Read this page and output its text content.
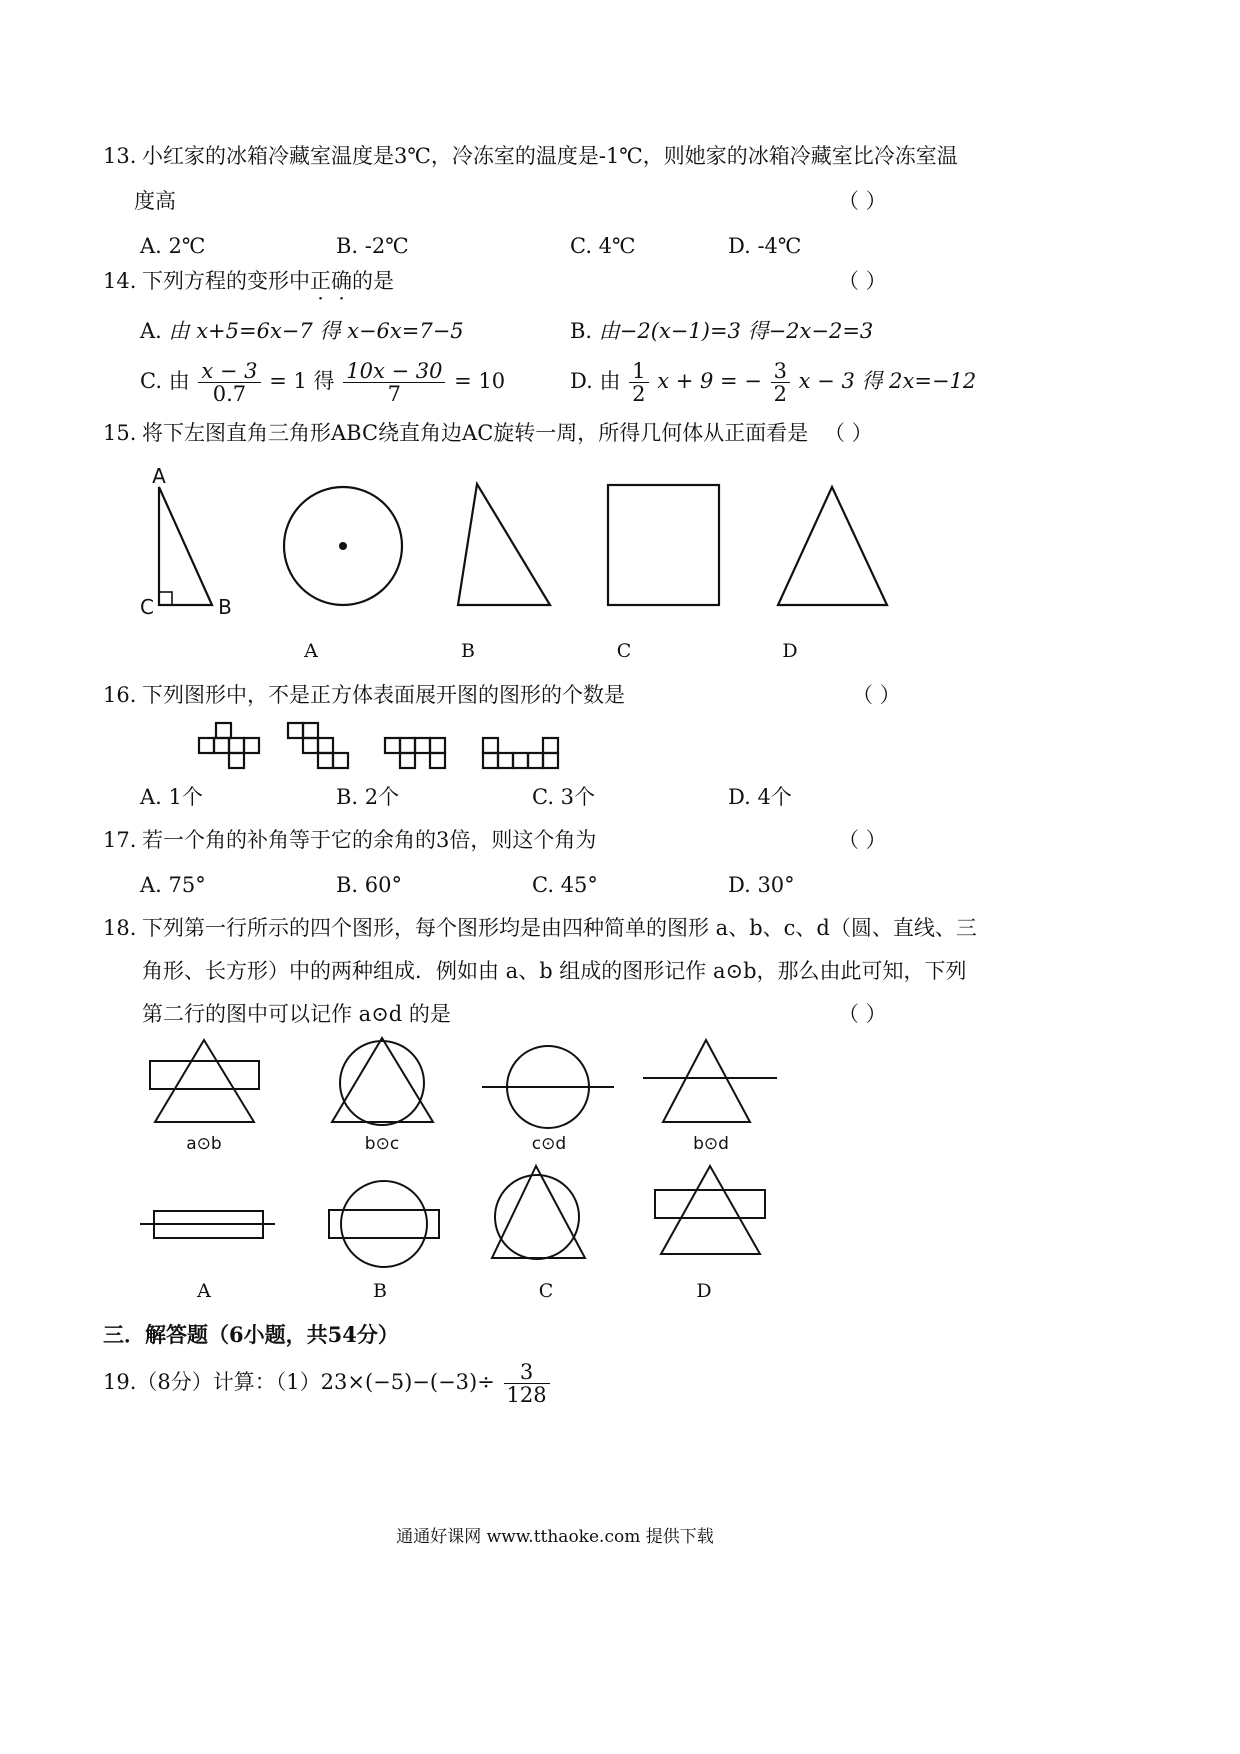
13. 小红家的冰箱冷藏室温度是3℃，冷冻室的温度是-1℃，则她家的冰箱冷藏室比冷冻室温
度高	（ ）
A. 2℃	B. -2℃	C. 4℃	D. -4℃
14. 下列方程的变形中正确的是	（ ）
A. 由 x+5=6x−7 得 x−6x=7−5	B. 由−2(x−1)=3 得−2x−2=3
C. 由 $\frac{x - 3}{0.7} = 1$ 得 $\frac{10x - 30}{7} = 10$	D. 由 $\frac{1}{2}$ x + 9 = − $\frac{3}{2}$ x − 3 得 2x=−12
15. 将下左图直角三角形ABC绕直角边AC旋转一周，所得几何体从正面看是 （ ）
A
B
C
A	B	C	D
16. 下列图形中，不是正方体表面展开图的图形的个数是	（ ）
A. 1个	B. 2个	C. 3个	D. 4个
17. 若一个角的补角等于它的余角的3倍，则这个角为	（ ）
A. 75°	B. 60°	C. 45°	D. 30°
18. 下列第一行所示的四个图形，每个图形均是由四种简单的图形 a、b、c、d（圆、直线、三
角形、长方形）中的两种组成．例如由 a、b 组成的图形记作 a⊙b，那么由此可知，下列
第二行的图中可以记作 a⊙d 的是	（ ）
a⊙b	b⊙c	c⊙d	b⊙d
A	B	C	D
三．解答题（6小题，共54分）
19.（8分）计算：$(1)23\times(-5)-(-3)\div \frac{3}{128}$
通通好课网 www.tthaoke.com 提供下载
